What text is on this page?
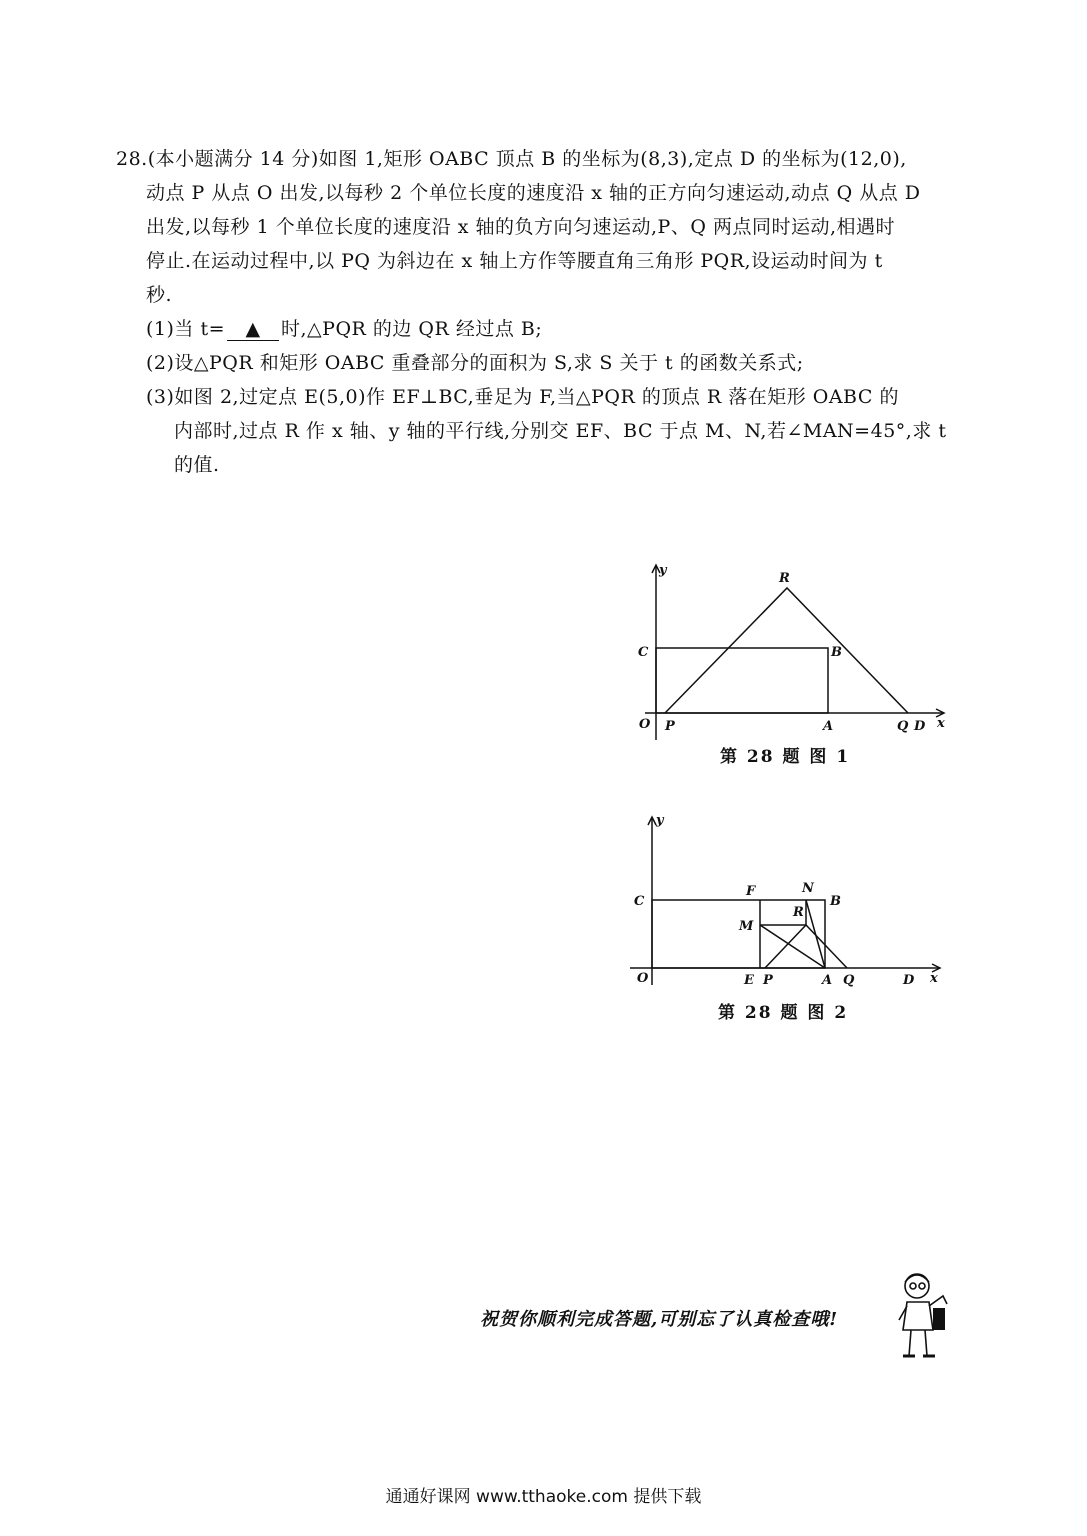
28.(本小题满分 14 分)如图 1,矩形 OABC 顶点 B 的坐标为(8,3),定点 D 的坐标为(12,0),

动点 P 从点 O 出发,以每秒 2 个单位长度的速度沿 x 轴的正方向匀速运动,动点 Q 从点 D

出发,以每秒 1 个单位长度的速度沿 x 轴的负方向匀速运动,P、Q 两点同时运动,相遇时

停止.在运动过程中,以 PQ 为斜边在 x 轴上方作等腰直角三角形 PQR,设运动时间为 t

秒.

(1)当 t= ▲ 时,△PQR 的边 QR 经过点 B;

(2)设△PQR 和矩形 OABC 重叠部分的面积为 S,求 S 关于 t 的函数关系式;

(3)如图 2,过定点 E(5,0)作 EF⊥BC,垂足为 F,当△PQR 的顶点 R 落在矩形 OABC 的

内部时,过点 R 作 x 轴、y 轴的平行线,分别交 EF、BC 于点 M、N,若∠MAN=45°,求 t

的值.

y
x
O P	A	Q D
C	B
R
第 28 题 图 1
y
x
O	E P	A Q	D
C
F	N
B
M
R
第 28 题 图 2
祝贺你顺利完成答题,可别忘了认真检查哦!
通通好课网 www.tthaoke.com 提供下载
